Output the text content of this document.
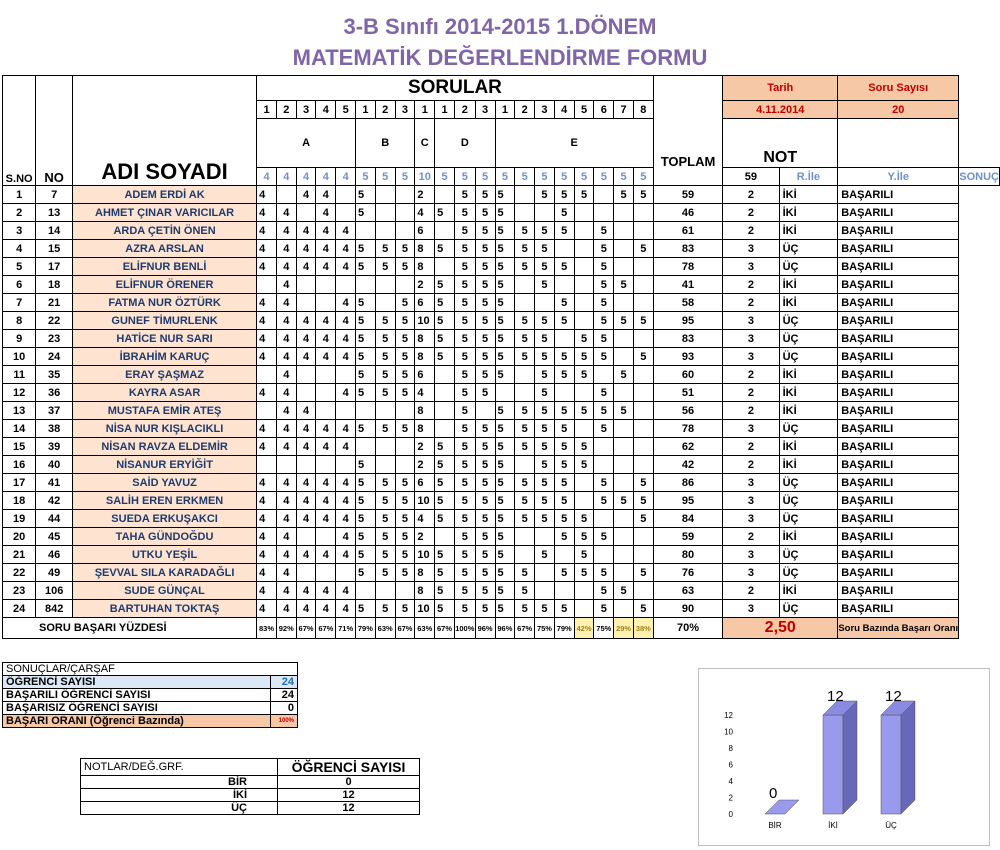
3-B Sınıfı 2014-2015 1.DÖNEM
MATEMATİK DEĞERLENDİRME FORMU
S.NO	NO	ADI SOYADI	SORULAR																				TOPLAM	Tarih		Soru Sayısı	
			1	2	3	4	5	1	2	3	1	1	2	3	1	2	3	4	5	6	7	8		4.11.2014		20	
			A					B			C	D			E									NOT			
			4	4	4	4	4	5	5	5	10	5	5	5	5	5	5	5	5	5	5	5		59	R.İle	Y.İle	SONUÇ
1	7	ADEM ERDİ AK	4		4	4		5			2		5	5	5		5	5	5		5	5	59	2	İKİ	BAŞARILI	
2	13	AHMET ÇINAR VARICILAR	4	4		4		5			4	5	5	5	5			5					46	2	İKİ	BAŞARILI	
3	14	ARDA ÇETİN ÖNEN	4	4	4	4	4				6		5	5	5	5	5	5		5			61	2	İKİ	BAŞARILI	
4	15	AZRA ARSLAN	4	4	4	4	4	5	5	5	8	5	5	5	5	5	5			5		5	83	3	ÜÇ	BAŞARILI	
5	17	ELİFNUR BENLİ	4	4	4	4	4	5	5	5	8		5	5	5	5	5	5		5			78	3	ÜÇ	BAŞARILI	
6	18	ELİFNUR ÖRENER		4							2	5	5	5	5		5			5	5		41	2	İKİ	BAŞARILI	
7	21	FATMA NUR ÖZTÜRK	4	4			4	5		5	6	5	5	5	5			5		5			58	2	İKİ	BAŞARILI	
8	22	GUNEF TİMURLENK	4	4	4	4	4	5	5	5	10	5	5	5	5	5	5	5		5	5	5	95	3	ÜÇ	BAŞARILI	
9	23	HATİCE NUR SARI	4	4	4	4	4	5	5	5	8	5	5	5	5	5	5		5	5			83	3	ÜÇ	BAŞARILI	
10	24	İBRAHİM KARUÇ	4	4	4	4	4	5	5	5	8	5	5	5	5	5	5	5	5	5		5	93	3	ÜÇ	BAŞARILI	
11	35	ERAY ŞAŞMAZ		4				5	5	5	6		5	5	5		5	5	5		5		60	2	İKİ	BAŞARILI	
12	36	KAYRA ASAR	4	4			4	5	5	5	4		5	5			5			5			51	2	İKİ	BAŞARILI	
13	37	MUSTAFA EMİR ATEŞ		4	4						8		5		5	5	5	5	5	5	5		56	2	İKİ	BAŞARILI	
14	38	NİSA NUR KIŞLACIKLI	4	4	4	4	4	5	5	5	8		5	5	5	5	5	5		5			78	3	ÜÇ	BAŞARILI	
15	39	NİSAN RAVZA ELDEMİR	4	4	4	4	4				2	5	5	5	5	5	5	5	5				62	2	İKİ	BAŞARILI	
16	40	NİSANUR ERYİĞİT						5			2	5	5	5	5		5	5	5				42	2	İKİ	BAŞARILI	
17	41	SAİD YAVUZ	4	4	4	4	4	5	5	5	6	5	5	5	5	5	5	5		5		5	86	3	ÜÇ	BAŞARILI	
18	42	SALİH EREN ERKMEN	4	4	4	4	4	5	5	5	10	5	5	5	5	5	5	5		5	5	5	95	3	ÜÇ	BAŞARILI	
19	44	SUEDA ERKUŞAKCI	4	4	4	4	4	5	5	5	4	5	5	5	5	5	5	5	5			5	84	3	ÜÇ	BAŞARILI	
20	45	TAHA GÜNDOĞDU	4	4			4	5	5	5	2		5	5	5			5	5	5			59	2	İKİ	BAŞARILI	
21	46	UTKU YEŞİL	4	4	4	4	4	5	5	5	10	5	5	5	5		5		5				80	3	ÜÇ	BAŞARILI	
22	49	ŞEVVAL SILA KARADAĞLI	4	4				5	5	5	8	5	5	5	5	5		5	5	5		5	76	3	ÜÇ	BAŞARILI	
23	106	SUDE GÜNÇAL	4	4	4	4	4				8	5	5	5	5	5				5	5		63	2	İKİ	BAŞARILI	
24	842	BARTUHAN TOKTAŞ	4	4	4	4	4	5	5	5	10	5	5	5	5	5	5	5		5		5	90	3	ÜÇ	BAŞARILI	
SORU BAŞARI YÜZDESİ			83%	92%	67%	67%	71%	79%	63%	67%	63%	67%	100%	96%	96%	67%	75%	79%	42%	75%	29%	38%	70%	2,50		Soru Bazında Başarı Oranı	
SONUÇLAR/ÇARŞAF	
ÖĞRENCİ SAYISI	24
BAŞARILI ÖĞRENCİ SAYISI	24
BAŞARISIZ ÖĞRENCİ SAYISI	0
BAŞARI ORANI (Öğrenci Bazında)	100%
NOTLAR/DEĞ.GRF.	ÖĞRENCİ SAYISI
BİR	0
İKİ	12
ÜÇ	12
0
2
4
6
8
10
12
0
BİR
12
İKİ
12
ÜÇ
